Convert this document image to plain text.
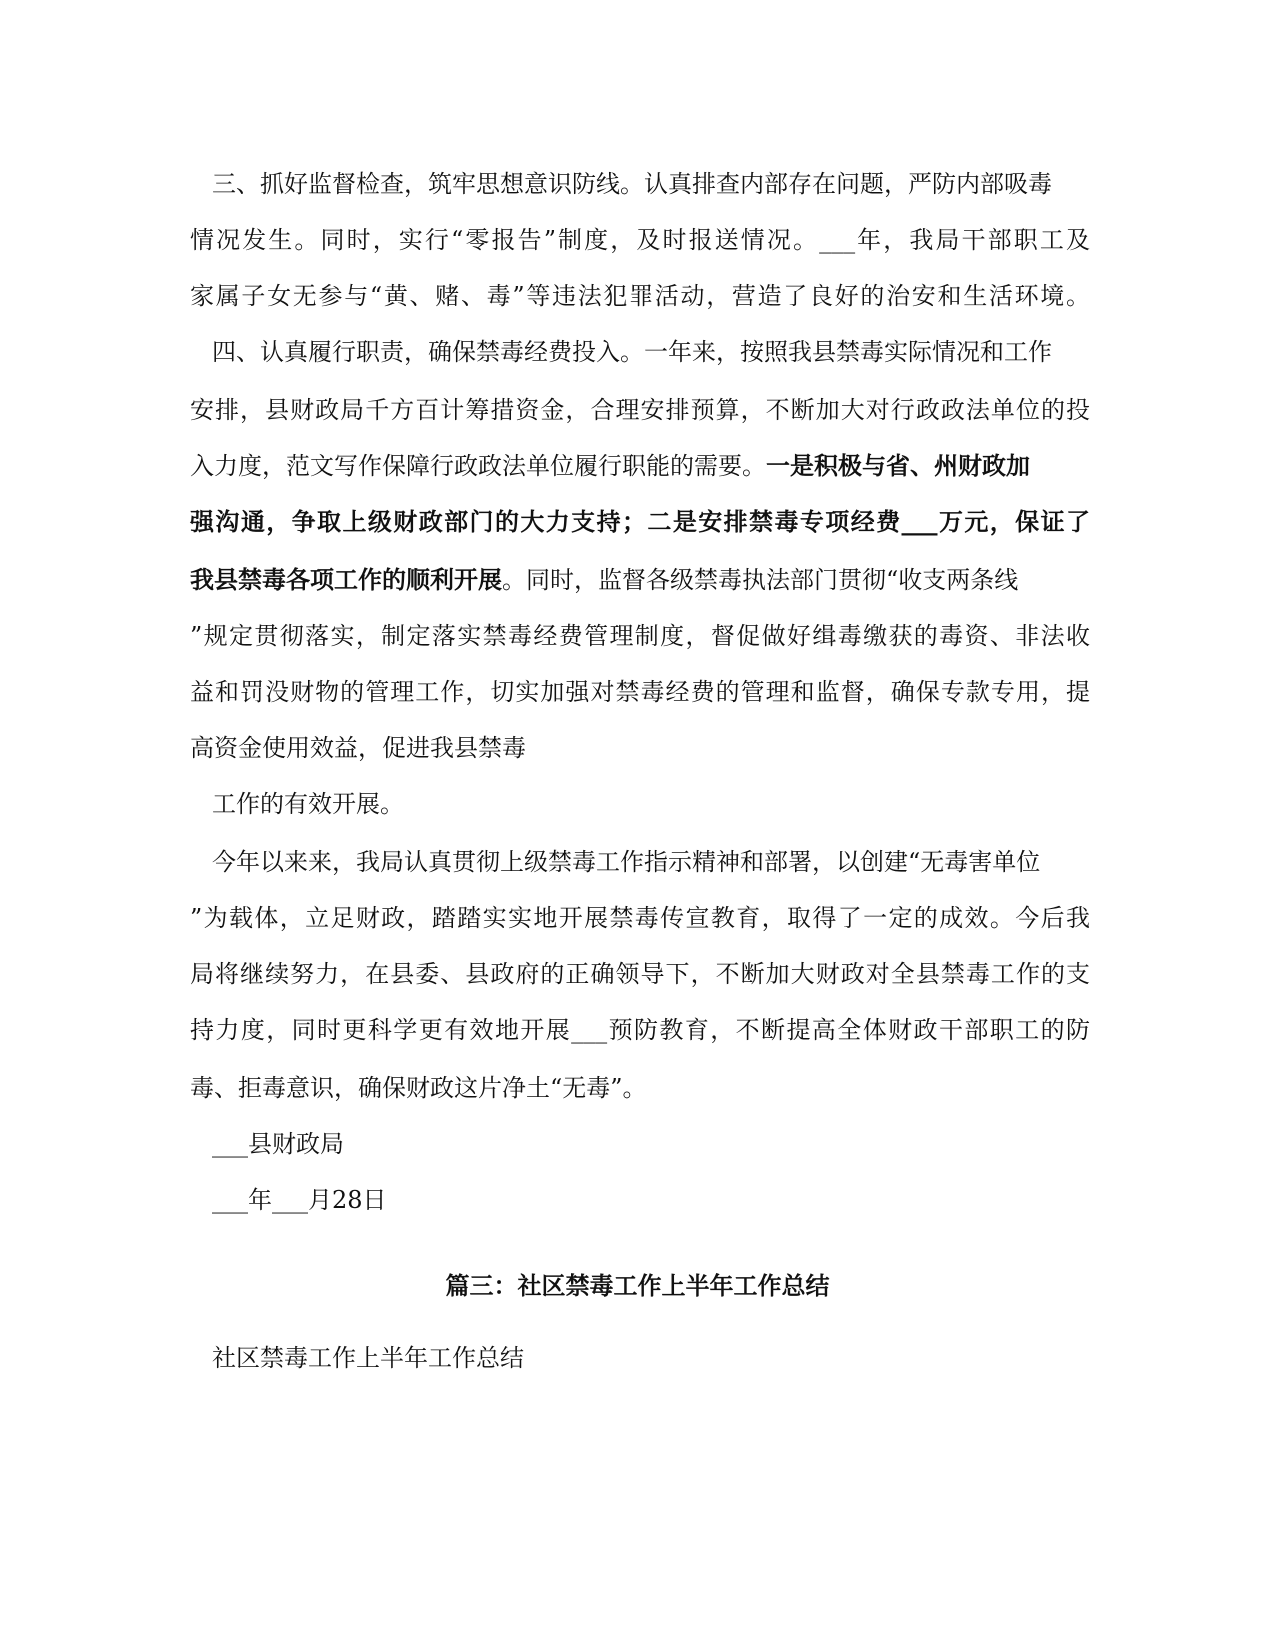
三、抓好监督检查，筑牢思想意识防线。认真排查内部存在问题，严防内部吸毒
情况发生。同时，实行“零报告”制度，及时报送情况。___年，我局干部职工及
家属子女无参与“黄、赌、毒”等违法犯罪活动，营造了良好的治安和生活环境。
四、认真履行职责，确保禁毒经费投入。一年来，按照我县禁毒实际情况和工作
安排，县财政局千方百计筹措资金，合理安排预算，不断加大对行政政法单位的投
入力度，范文写作保障行政政法单位履行职能的需要。一是积极与省、州财政加
强沟通，争取上级财政部门的大力支持；二是安排禁毒专项经费___万元，保证了
我县禁毒各项工作的顺利开展。同时，监督各级禁毒执法部门贯彻“收支两条线
”规定贯彻落实，制定落实禁毒经费管理制度，督促做好缉毒缴获的毒资、非法收
益和罚没财物的管理工作，切实加强对禁毒经费的管理和监督，确保专款专用，提
高资金使用效益，促进我县禁毒
工作的有效开展。
今年以来来，我局认真贯彻上级禁毒工作指示精神和部署，以创建“无毒害单位
”为载体，立足财政，踏踏实实地开展禁毒传宣教育，取得了一定的成效。今后我
局将继续努力，在县委、县政府的正确领导下，不断加大财政对全县禁毒工作的支
持力度，同时更科学更有效地开展___预防教育，不断提高全体财政干部职工的防
毒、拒毒意识，确保财政这片净土“无毒”。
___县财政局
___年___月28日
篇三：社区禁毒工作上半年工作总结
社区禁毒工作上半年工作总结
